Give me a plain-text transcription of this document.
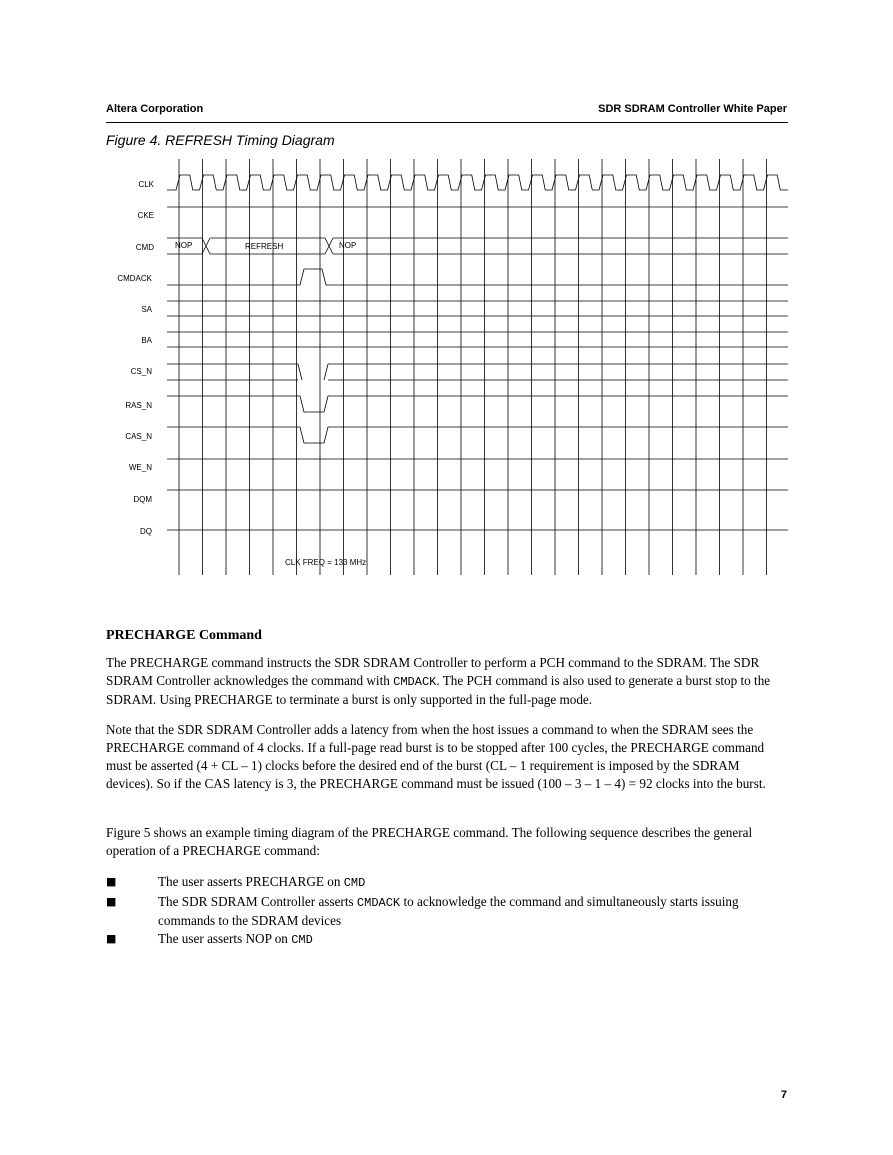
Altera Corporation	SDR SDRAM Controller White Paper
Figure 4. REFRESH Timing Diagram
CLK
CKE
CMD
CMDACK
SA
BA
CS_N
RAS_N
CAS_N
WE_N
DQM
DQ
NOP	REFRESH	NOP
CLK FREQ = 133 MHz
PRECHARGE Command

The PRECHARGE command instructs the SDR SDRAM Controller to perform a PCH command to the SDRAM. The SDR SDRAM Controller acknowledges the command with CMDACK. The PCH command is also used to generate a burst stop to the SDRAM. Using PRECHARGE to terminate a burst is only supported in the full-page mode.

Note that the SDR SDRAM Controller adds a latency from when the host issues a command to when the SDRAM sees the PRECHARGE command of 4 clocks. If a full-page read burst is to be stopped after 100 cycles, the PRECHARGE command must be asserted (4 + CL – 1) clocks before the desired end of the burst (CL – 1 requirement is imposed by the SDRAM devices). So if the CAS latency is 3, the PRECHARGE command must be issued (100 – 3 – 1 – 4) = 92 clocks into the burst.

Figure 5 shows an example timing diagram of the PRECHARGE command. The following sequence describes the general operation of a PRECHARGE command:

■	The user asserts PRECHARGE on CMD
■	The SDR SDRAM Controller asserts CMDACK to acknowledge the command and simultaneously starts issuing commands to the SDRAM devices
■	The user asserts NOP on CMD
7
